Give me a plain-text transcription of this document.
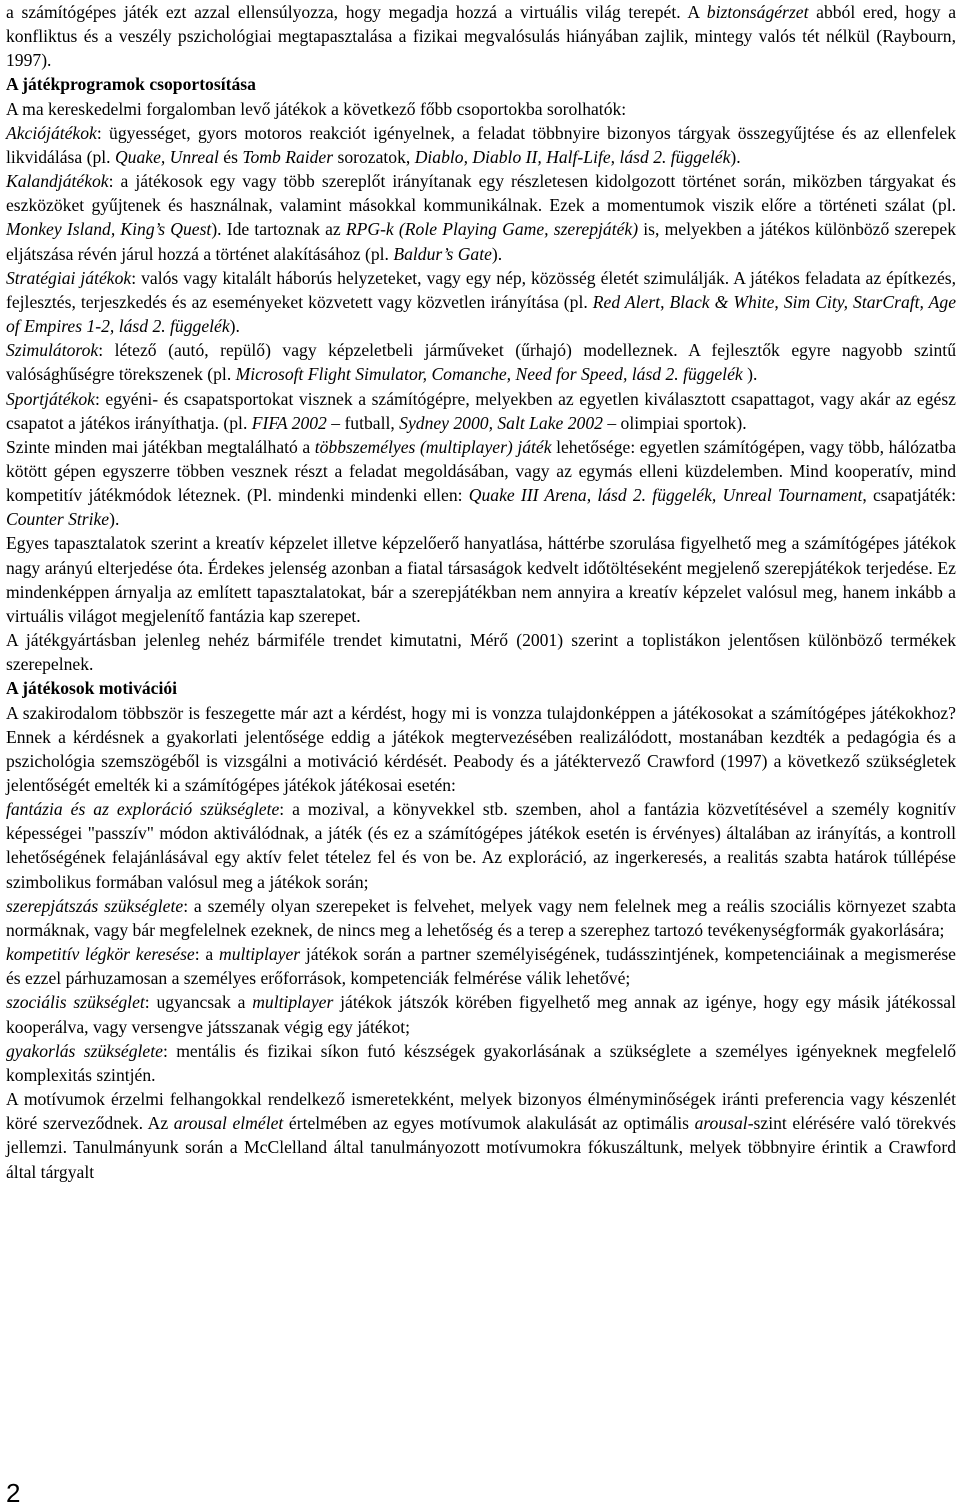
a számítógépes játék ezt azzal ellensúlyozza, hogy megadja hozzá a virtuális világ terepét. A biztonságérzet abból ered, hogy a konfliktus és a veszély pszichológiai megtapasztalása a fizikai megvalósulás hiányában zajlik, mintegy valós tét nélkül (Raybourn, 1997).

A játékprogramok csoportosítása

A ma kereskedelmi forgalomban levő játékok a következő főbb csoportokba sorolhatók:

Akciójátékok: ügyességet, gyors motoros reakciót igényelnek, a feladat többnyire bizonyos tárgyak összegyűjtése és az ellenfelek likvidálása (pl. Quake, Unreal és Tomb Raider sorozatok, Diablo, Diablo II, Half-Life, lásd 2. függelék).

Kalandjátékok: a játékosok egy vagy több szereplőt irányítanak egy részletesen kidolgozott történet során, miközben tárgyakat és eszközöket gyűjtenek és használnak, valamint másokkal kommunikálnak. Ezek a momentumok viszik előre a történeti szálat (pl. Monkey Island, King’s Quest). Ide tartoznak az RPG-k (Role Playing Game, szerepjáték) is, melyekben a játékos különböző szerepek eljátszása révén járul hozzá a történet alakításához (pl. Baldur’s Gate).

Stratégiai játékok: valós vagy kitalált háborús helyzeteket, vagy egy nép, közösség életét szimulálják. A játékos feladata az építkezés, fejlesztés, terjeszkedés és az eseményeket közvetett vagy közvetlen irányítása (pl. Red Alert, Black & White, Sim City, StarCraft, Age of Empires 1-2, lásd 2. függelék).

Szimulátorok: létező (autó, repülő) vagy képzeletbeli járműveket (űrhajó) modelleznek. A fejlesztők egyre nagyobb szintű valósághűségre törekszenek (pl. Microsoft Flight Simulator, Comanche, Need for Speed, lásd 2. függelék ).

Sportjátékok: egyéni- és csapatsportokat visznek a számítógépre, melyekben az egyetlen kiválasztott csapattagot, vagy akár az egész csapatot a játékos irányíthatja. (pl. FIFA 2002 – futball, Sydney 2000, Salt Lake 2002 – olimpiai sportok).

Szinte minden mai játékban megtalálható a többszemélyes (multiplayer) játék lehetősége: egyetlen számítógépen, vagy több, hálózatba kötött gépen egyszerre többen vesznek részt a feladat megoldásában, vagy az egymás elleni küzdelemben. Mind kooperatív, mind kompetitív játékmódok léteznek. (Pl. mindenki mindenki ellen: Quake III Arena, lásd 2. függelék, Unreal Tournament, csapatjáték: Counter Strike).

Egyes tapasztalatok szerint a kreatív képzelet illetve képzelőerő hanyatlása, háttérbe szorulása figyelhető meg a számítógépes játékok nagy arányú elterjedése óta. Érdekes jelenség azonban a fiatal társaságok kedvelt időtöltéseként megjelenő szerepjátékok terjedése. Ez mindenképpen árnyalja az említett tapasztalatokat, bár a szerepjátékban nem annyira a kreatív képzelet valósul meg, hanem inkább a virtuális világot megjelenítő fantázia kap szerepet.

A játékgyártásban jelenleg nehéz bármiféle trendet kimutatni, Mérő (2001) szerint a toplistákon jelentősen különböző termékek szerepelnek.

A játékosok motivációi

A szakirodalom többször is feszegette már azt a kérdést, hogy mi is vonzza tulajdonképpen a játékosokat a számítógépes játékokhoz? Ennek a kérdésnek a gyakorlati jelentősége eddig a játékok megtervezésében realizálódott, mostanában kezdték a pedagógia és a pszichológia szemszögéből is vizsgálni a motiváció kérdését. Peabody és a játéktervező Crawford (1997) a következő szükségletek jelentőségét emelték ki a számítógépes játékok játékosai esetén:

fantázia és az exploráció szükséglete: a mozival, a könyvekkel stb. szemben, ahol a fantázia közvetítésével a személy kognitív képességei "passzív" módon aktiválódnak, a játék (és ez a számítógépes játékok esetén is érvényes) általában az irányítás, a kontroll lehetőségének felajánlásával egy aktív felet tételez fel és von be. Az exploráció, az ingerkeresés, a realitás szabta határok túllépése szimbolikus formában valósul meg a játékok során;

szerepjátszás szükséglete: a személy olyan szerepeket is felvehet, melyek vagy nem felelnek meg a reális szociális környezet szabta normáknak, vagy bár megfelelnek ezeknek, de nincs meg a lehetőség és a terep a szerephez tartozó tevékenységformák gyakorlására;

kompetitív légkör keresése: a multiplayer játékok során a partner személyiségének, tudásszintjének, kompetenciáinak a megismerése és ezzel párhuzamosan a személyes erőforrások, kompetenciák felmérése válik lehetővé;

szociális szükséglet: ugyancsak a multiplayer játékok játszók körében figyelhető meg annak az igénye, hogy egy másik játékossal kooperálva, vagy versengve játsszanak végig egy játékot;

gyakorlás szükséglete: mentális és fizikai síkon futó készségek gyakorlásának a szükséglete a személyes igényeknek megfelelő komplexitás szintjén.

A motívumok érzelmi felhangokkal rendelkező ismeretekként, melyek bizonyos élményminőségek iránti preferencia vagy készenlét köré szerveződnek. Az arousal elmélet értelmében az egyes motívumok alakulását az optimális arousal-szint elérésére való törekvés jellemzi. Tanulmányunk során a McClelland által tanulmányozott motívumokra fókuszáltunk, melyek többnyire érintik a Crawford által tárgyalt

2
